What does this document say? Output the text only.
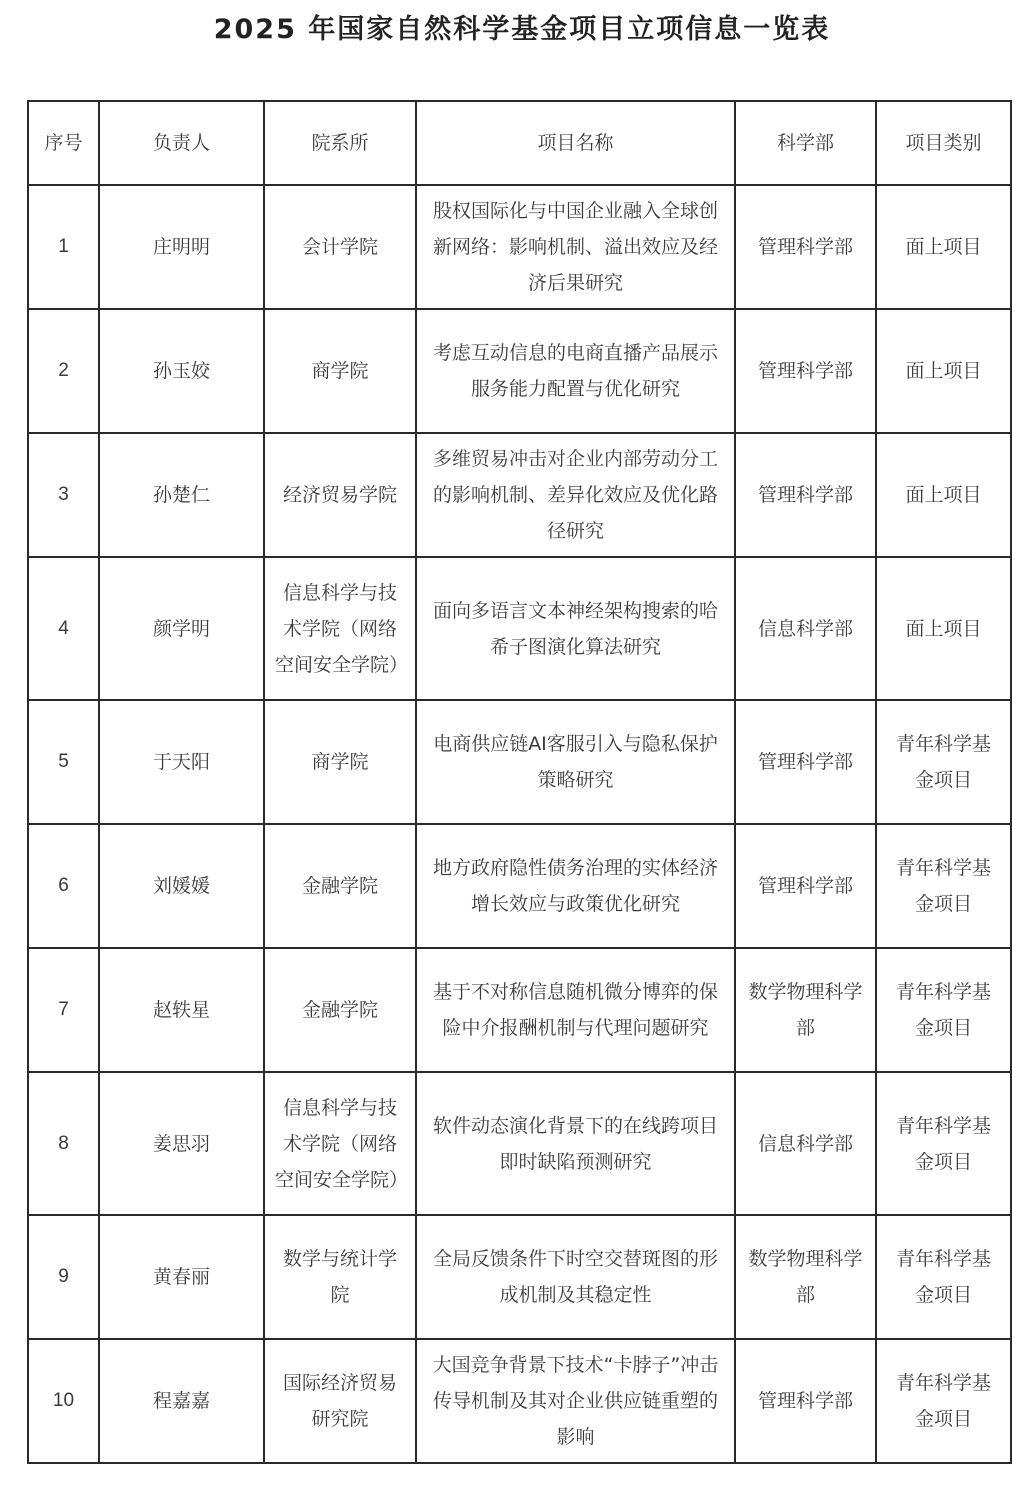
2025 年国家自然科学基金项目立项信息一览表
序号	负责人	院系所	项目名称	科学部	项目类别
1	庄明明	会计学院	股权国际化与中国企业融入全球创新网络：影响机制、溢出效应及经济后果研究	管理科学部	面上项目
2	孙玉姣	商学院	考虑互动信息的电商直播产品展示服务能力配置与优化研究	管理科学部	面上项目
3	孙楚仁	经济贸易学院	多维贸易冲击对企业内部劳动分工的影响机制、差异化效应及优化路径研究	管理科学部	面上项目
4	颜学明	信息科学与技术学院（网络空间安全学院）	面向多语言文本神经架构搜索的哈希子图演化算法研究	信息科学部	面上项目
5	于天阳	商学院	电商供应链AI客服引入与隐私保护策略研究	管理科学部	青年科学基金项目
6	刘媛媛	金融学院	地方政府隐性债务治理的实体经济增长效应与政策优化研究	管理科学部	青年科学基金项目
7	赵轶星	金融学院	基于不对称信息随机微分博弈的保险中介报酬机制与代理问题研究	数学物理科学部	青年科学基金项目
8	姜思羽	信息科学与技术学院（网络空间安全学院）	软件动态演化背景下的在线跨项目即时缺陷预测研究	信息科学部	青年科学基金项目
9	黄春丽	数学与统计学院	全局反馈条件下时空交替斑图的形成机制及其稳定性	数学物理科学部	青年科学基金项目
10	程嘉嘉	国际经济贸易研究院	大国竞争背景下技术“卡脖子”冲击传导机制及其对企业供应链重塑的影响	管理科学部	青年科学基金项目
